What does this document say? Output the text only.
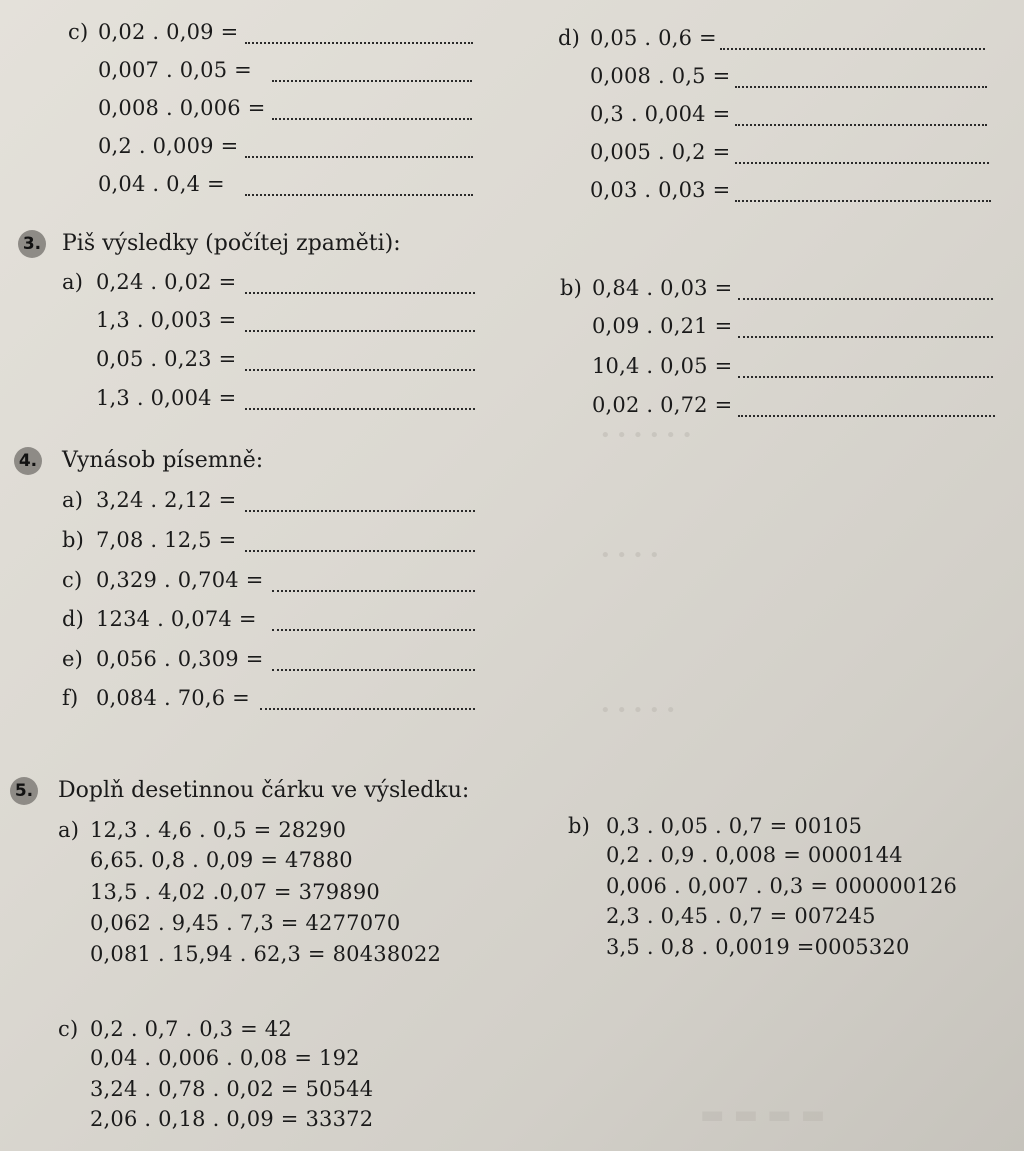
• • • • • •
• • • •
• • • • •
▬ ▬ ▬ ▬
c) 0,02 . 0,09 =
0,007 . 0,05 =
0,008 . 0,006 =
0,2 . 0,009 =
0,04 . 0,4 =
d) 0,05 . 0,6 =
0,008 . 0,5 =
0,3 . 0,004 =
0,005 . 0,2 =
0,03 . 0,03 =
3. Piš výsledky (počítej zpaměti):
a) 0,24 . 0,02 =
1,3 . 0,003 =
0,05 . 0,23 =
1,3 . 0,004 =
b) 0,84 . 0,03 =
0,09 . 0,21 =
10,4 . 0,05 =
0,02 . 0,72 =
4. Vynásob písemně:
a) 3,24 . 2,12 =
b) 7,08 . 12,5 =
c) 0,329 . 0,704 =
d) 1234 . 0,074 =
e) 0,056 . 0,309 =
f) 0,084 . 70,6 =
5. Doplň desetinnou čárku ve výsledku:
a) 12,3 . 4,6 . 0,5 = 28290
6,65. 0,8 . 0,09 = 47880
13,5 . 4,02 .0,07 = 379890
0,062 . 9,45 . 7,3 = 4277070
0,081 . 15,94 . 62,3 = 80438022
b) 0,3 . 0,05 . 0,7 = 00105
0,2 . 0,9 . 0,008 = 0000144
0,006 . 0,007 . 0,3 = 000000126
2,3 . 0,45 . 0,7 = 007245
3,5 . 0,8 . 0,0019 =0005320
c) 0,2 . 0,7 . 0,3 = 42
0,04 . 0,006 . 0,08 = 192
3,24 . 0,78 . 0,02 = 50544
2,06 . 0,18 . 0,09 = 33372
